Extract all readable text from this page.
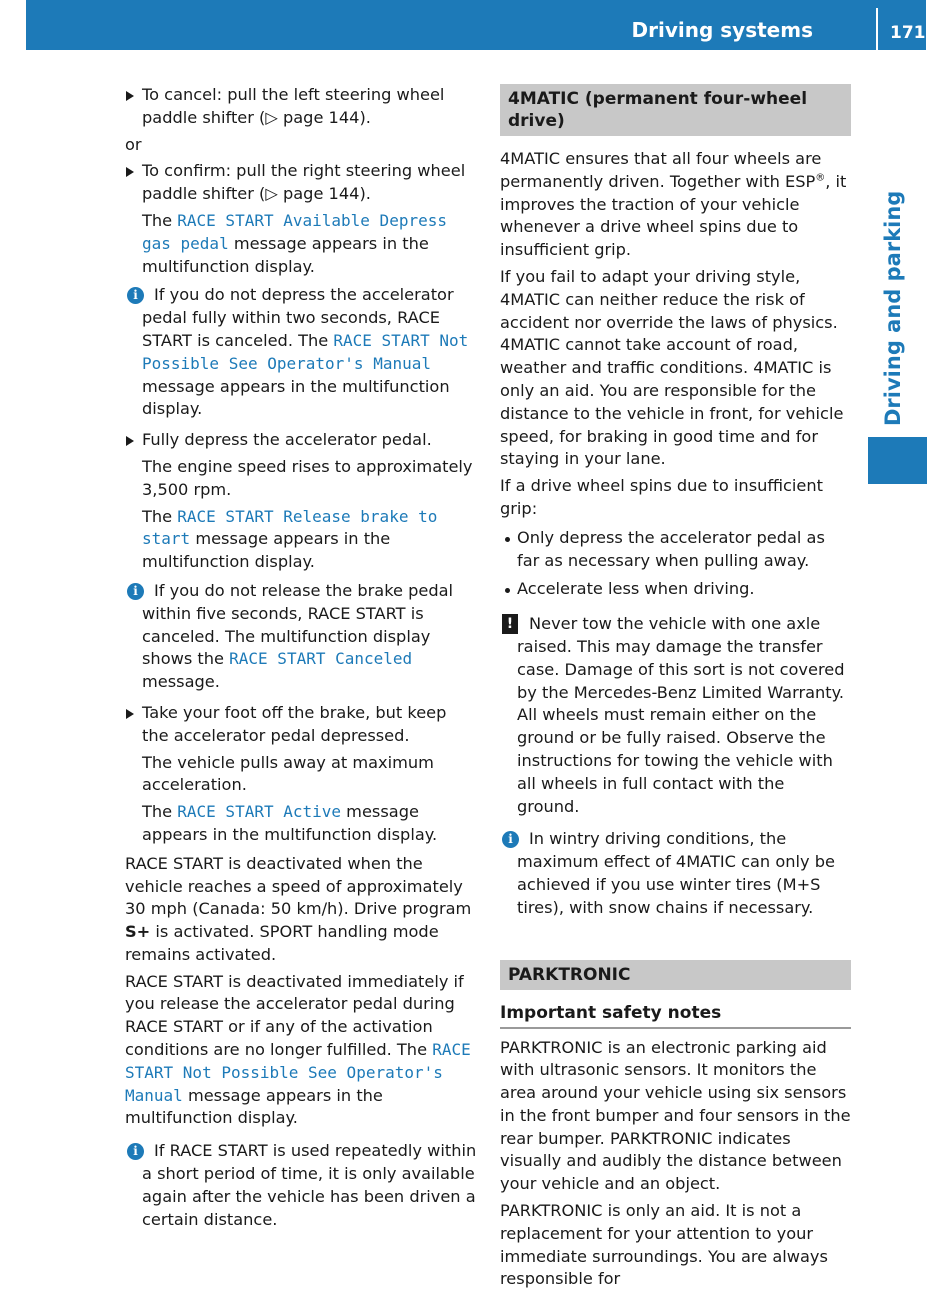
Driving systems	171
Driving and parking
To cancel: pull the left steering wheel paddle shifter (▷ page 144).

or

To confirm: pull the right steering wheel paddle shifter (▷ page 144).

The RACE START Available Depress gas pedal message appears in the multifunction display.

i	If you do not depress the accelerator pedal fully within two seconds, RACE START is canceled. The RACE START Not Possible See Operator's Manual message appears in the multifunction display.
Fully depress the accelerator pedal.

The engine speed rises to approximately 3,500 rpm.

The RACE START Release brake to start message appears in the multifunction display.

i	If you do not release the brake pedal within five seconds, RACE START is canceled. The multifunction display shows the RACE START Canceled message.
Take your foot off the brake, but keep the accelerator pedal depressed.

The vehicle pulls away at maximum acceleration.

The RACE START Active message appears in the multifunction display.

RACE START is deactivated when the vehicle reaches a speed of approximately 30 mph (Canada: 50 km/h). Drive program S+ is activated. SPORT handling mode remains activated.

RACE START is deactivated immediately if you release the accelerator pedal during RACE START or if any of the activation conditions are no longer fulfilled. The RACE START Not Possible See Operator's Manual message appears in the multifunction display.

i	If RACE START is used repeatedly within a short period of time, it is only available again after the vehicle has been driven a certain distance.
4MATIC (permanent four-wheel drive)

4MATIC ensures that all four wheels are permanently driven. Together with ESP®, it improves the traction of your vehicle whenever a drive wheel spins due to insufficient grip.

If you fail to adapt your driving style, 4MATIC can neither reduce the risk of accident nor override the laws of physics. 4MATIC cannot take account of road, weather and traffic conditions. 4MATIC is only an aid. You are responsible for the distance to the vehicle in front, for vehicle speed, for braking in good time and for staying in your lane.

If a drive wheel spins due to insufficient grip:

Only depress the accelerator pedal as far as necessary when pulling away.
Accelerate less when driving.
! Never tow the vehicle with one axle raised. This may damage the transfer case. Damage of this sort is not covered by the Mercedes-Benz Limited Warranty. All wheels must remain either on the ground or be fully raised. Observe the instructions for towing the vehicle with all wheels in full contact with the ground.
i	In wintry driving conditions, the maximum effect of 4MATIC can only be achieved if you use winter tires (M+S tires), with snow chains if necessary.
PARKTRONIC
Important safety notes

PARKTRONIC is an electronic parking aid with ultrasonic sensors. It monitors the area around your vehicle using six sensors in the front bumper and four sensors in the rear bumper. PARKTRONIC indicates visually and audibly the distance between your vehicle and an object.

PARKTRONIC is only an aid. It is not a replacement for your attention to your immediate surroundings. You are always responsible for
